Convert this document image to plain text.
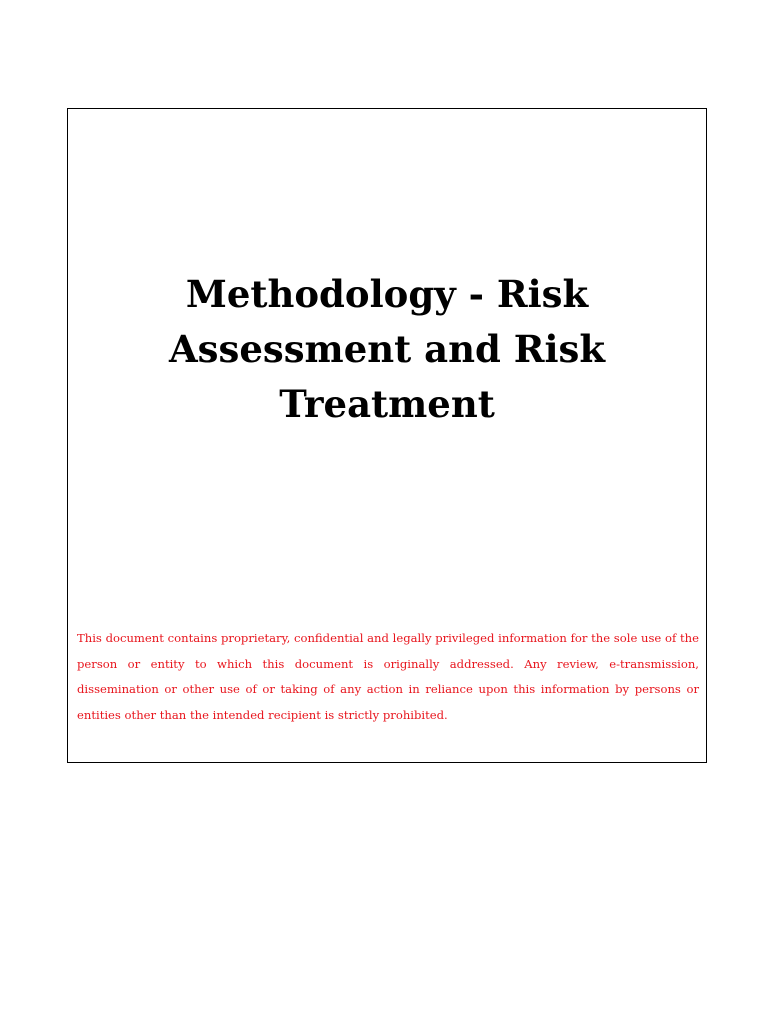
Methodology - Risk
Assessment and Risk
Treatment

This document contains proprietary, confidential and legally privileged information for the sole use of the person or entity to which this document is originally addressed. Any review, e-transmission, dissemination or other use of or taking of any action in reliance upon this information by persons or entities other than the intended recipient is strictly prohibited.
